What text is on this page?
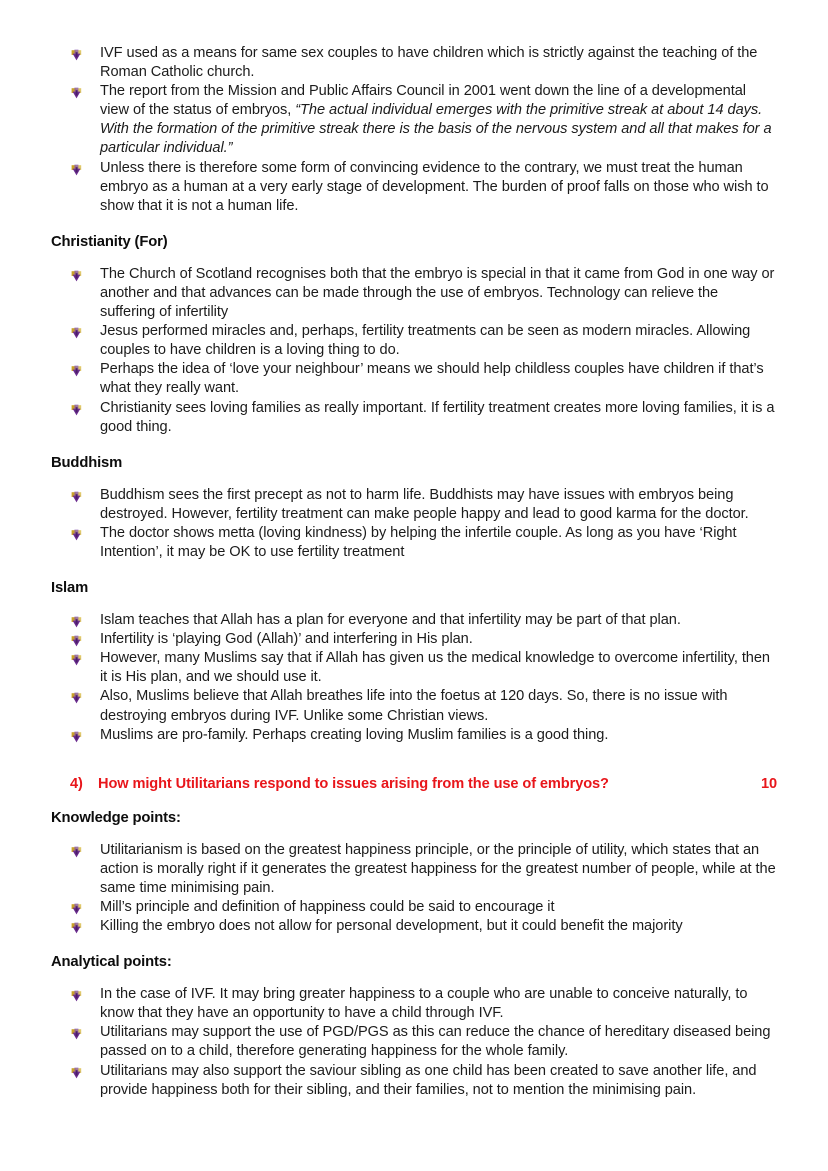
IVF used as a means for same sex couples to have children which is strictly against the teaching of the Roman Catholic church.
The report from the Mission and Public Affairs Council in 2001 went down the line of a developmental view of the status of embryos, “The actual individual emerges with the primitive streak at about 14 days. With the formation of the primitive streak there is the basis of the nervous system and all that makes for a particular individual.”
Unless there is therefore some form of convincing evidence to the contrary, we must treat the human embryo as a human at a very early stage of development. The burden of proof falls on those who wish to show that it is not a human life.
Christianity (For)
The Church of Scotland recognises both that the embryo is special in that it came from God in one way or another and that advances can be made through the use of embryos. Technology can relieve the suffering of infertility
Jesus performed miracles and, perhaps, fertility treatments can be seen as modern miracles. Allowing couples to have children is a loving thing to do.
Perhaps the idea of ‘love your neighbour’ means we should help childless couples have children if that’s what they really want.
Christianity sees loving families as really important. If fertility treatment creates more loving families, it is a good thing.
Buddhism
Buddhism sees the first precept as not to harm life. Buddhists may have issues with embryos being destroyed. However, fertility treatment can make people happy and lead to good karma for the doctor.
The doctor shows metta (loving kindness) by helping the infertile couple. As long as you have ‘Right Intention’, it may be OK to use fertility treatment
Islam
Islam teaches that Allah has a plan for everyone and that infertility may be part of that plan.
Infertility is ‘playing God (Allah)’ and interfering in His plan.
However, many Muslims say that if Allah has given us the medical knowledge to overcome infertility, then it is His plan, and we should use it.
Also, Muslims believe that Allah breathes life into the foetus at 120 days. So, there is no issue with destroying embryos during IVF. Unlike some Christian views.
Muslims are pro-family. Perhaps creating loving Muslim families is a good thing.
4)	How might Utilitarians respond to issues arising from the use of embryos?	10
Knowledge points:
Utilitarianism is based on the greatest happiness principle, or the principle of utility, which states that an action is morally right if it generates the greatest happiness for the greatest number of people, while at the same time minimising pain.
Mill’s principle and definition of happiness could be said to encourage it
Killing the embryo does not allow for personal development, but it could benefit the majority
Analytical points:
In the case of IVF. It may bring greater happiness to a couple who are unable to conceive naturally, to know that they have an opportunity to have a child through IVF.
Utilitarians may support the use of PGD/PGS as this can reduce the chance of hereditary diseased being passed on to a child, therefore generating happiness for the whole family.
Utilitarians may also support the saviour sibling as one child has been created to save another life, and provide happiness both for their sibling, and their families, not to mention the minimising pain.
